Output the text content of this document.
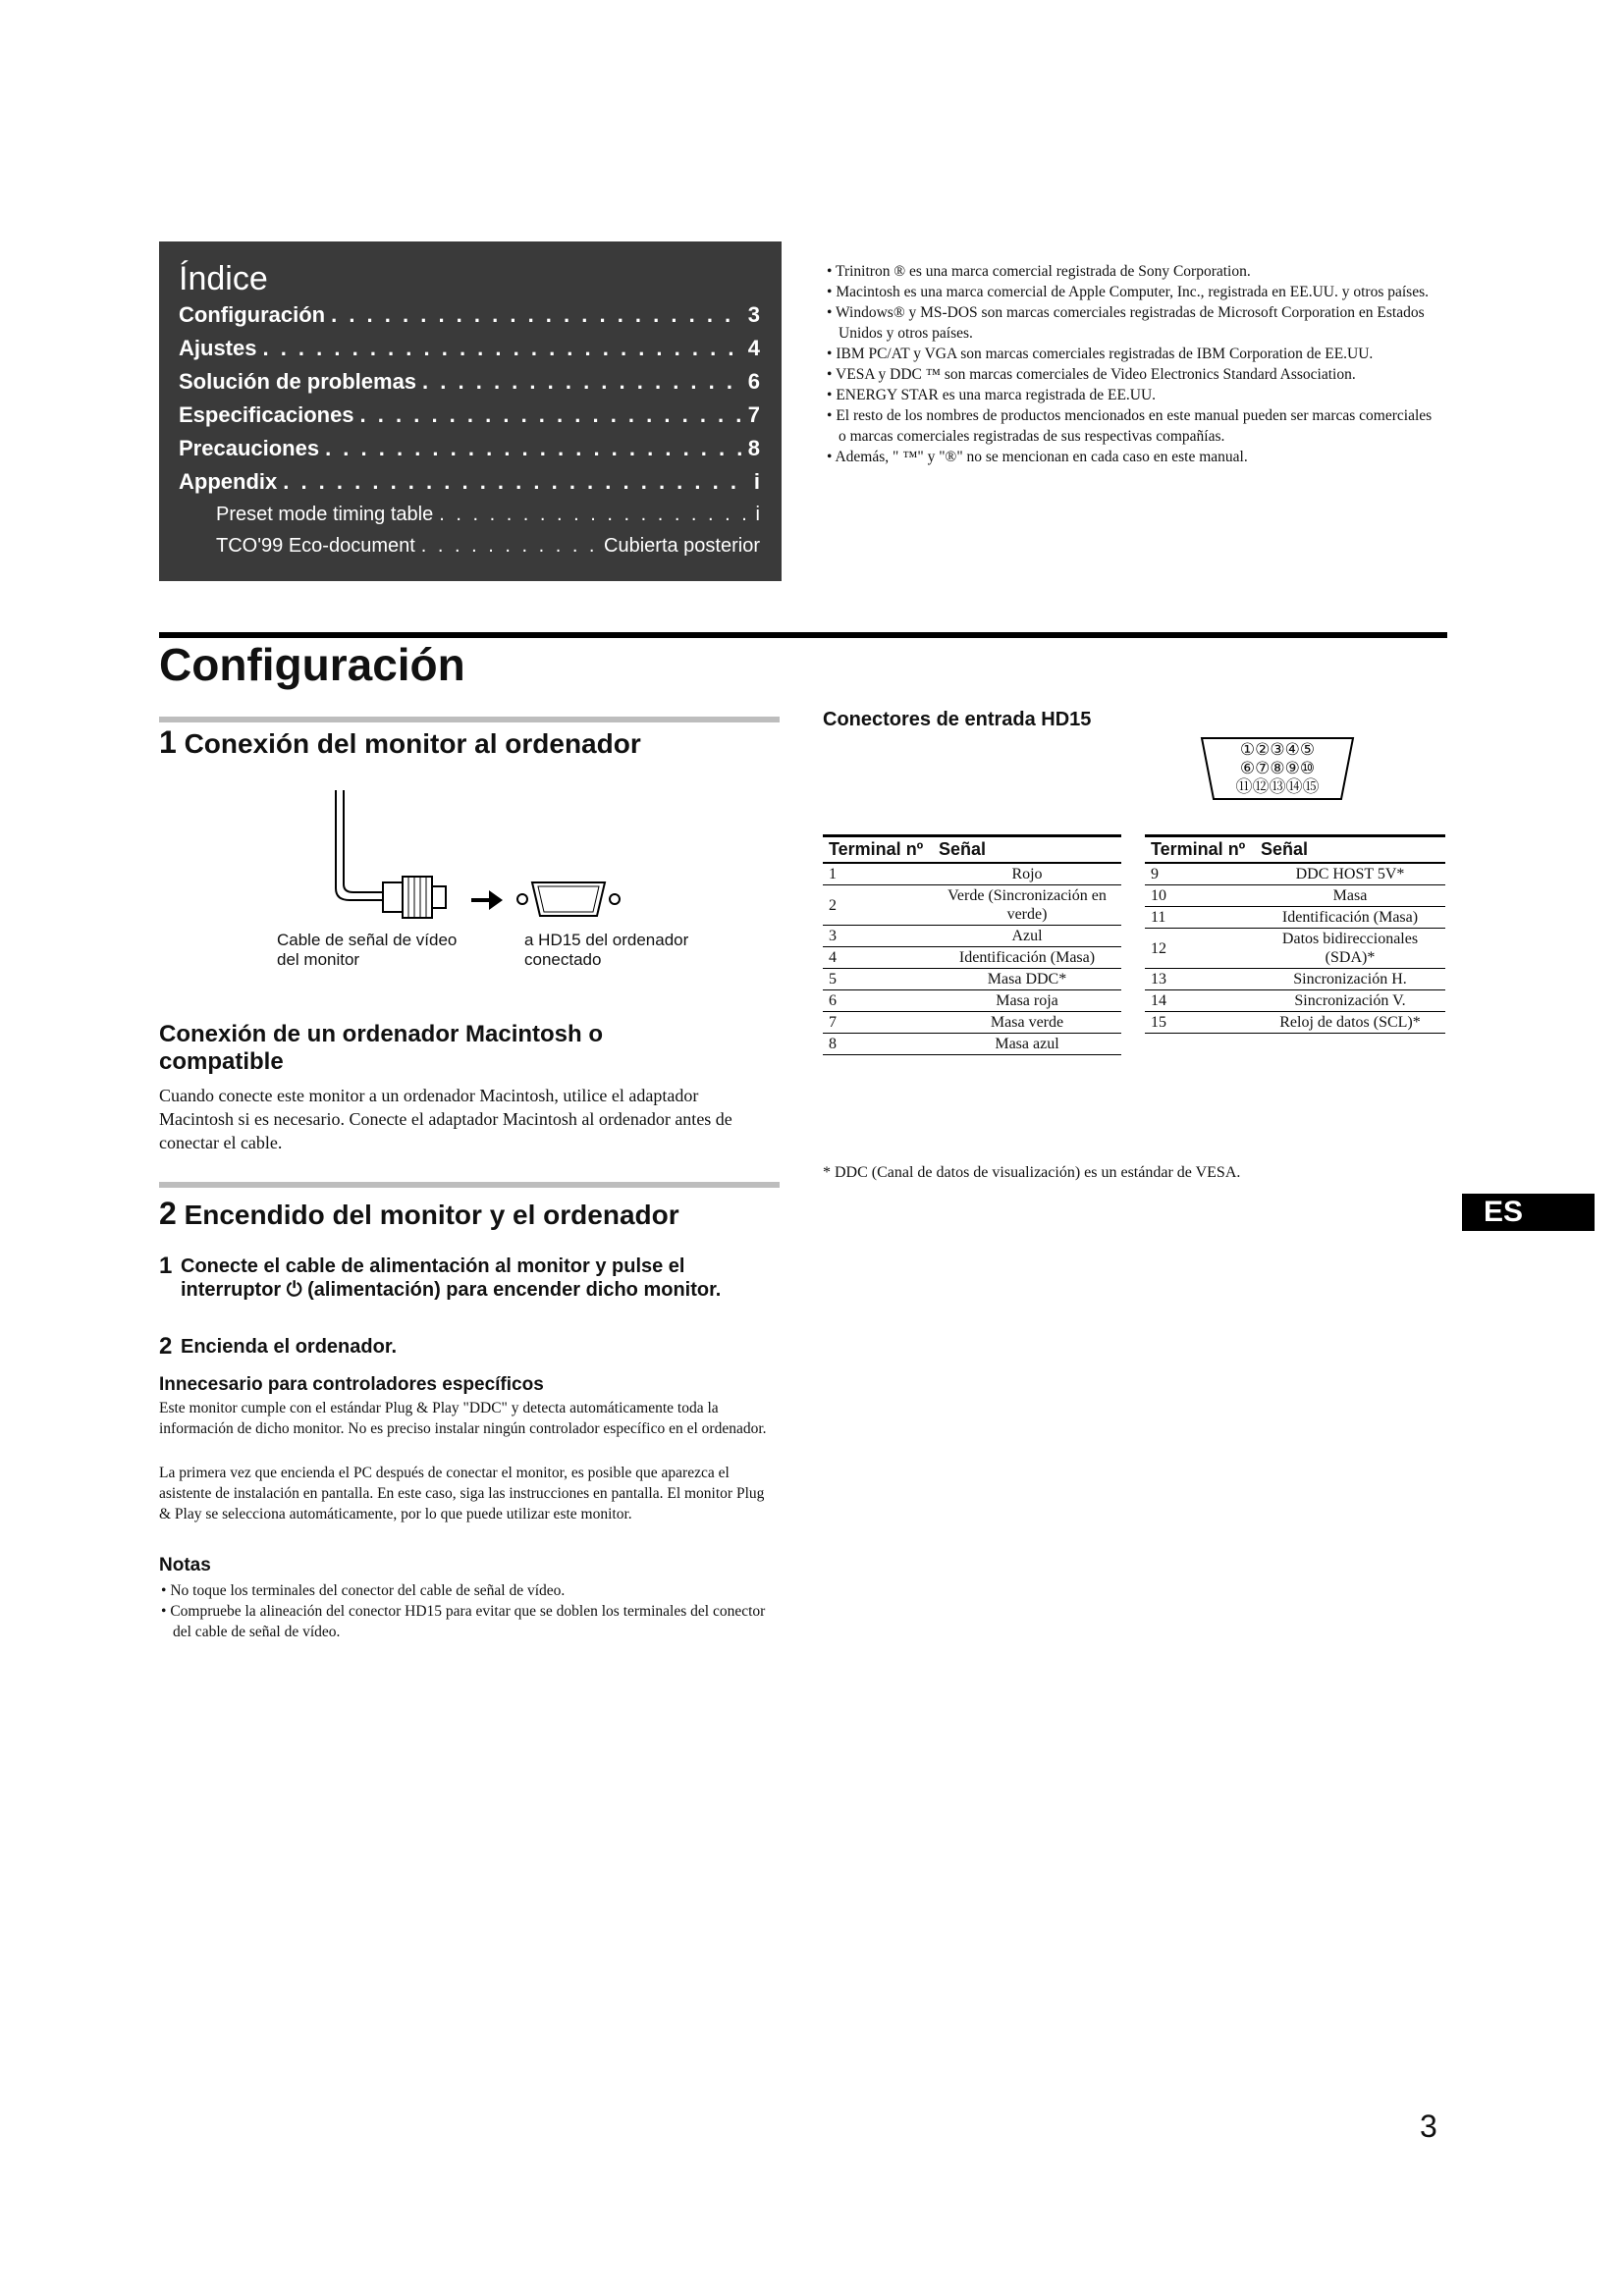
Índice
Configuración . . .	3
Ajustes . . .	4
Solución de problemas . . .	6
Especificaciones . . .	7
Precauciones . . .	8
Appendix . . .	i
Preset mode timing table . . .	i
TCO'99 Eco-document . . .	Cubierta posterior
• Trinitron ® es una marca comercial registrada de Sony Corporation.
• Macintosh es una marca comercial de Apple Computer, Inc., registrada en EE.UU. y otros países.
• Windows® y MS-DOS son marcas comerciales registradas de Microsoft Corporation en Estados Unidos y otros países.
• IBM PC/AT y VGA son marcas comerciales registradas de IBM Corporation de EE.UU.
• VESA y DDC ™ son marcas comerciales de Video Electronics Standard Association.
• ENERGY STAR es una marca registrada de EE.UU.
• El resto de los nombres de productos mencionados en este manual pueden ser marcas comerciales o marcas comerciales registradas de sus respectivas compañías.
• Además, " ™" y "®" no se mencionan en cada caso en este manual.
Configuración
1 Conexión del monitor al ordenador
Cable de señal de vídeo del monitor
a HD15 del ordenador conectado
Conexión de un ordenador Macintosh o compatible
Cuando conecte este monitor a un ordenador Macintosh, utilice el adaptador Macintosh si es necesario. Conecte el adaptador Macintosh al ordenador antes de conectar el cable.
2 Encendido del monitor y el ordenador
1 Conecte el cable de alimentación al monitor y pulse el interruptor ⏻ (alimentación) para encender dicho monitor.
2 Encienda el ordenador.
Innecesario para controladores específicos
Este monitor cumple con el estándar Plug & Play "DDC" y detecta automáticamente toda la información de dicho monitor. No es preciso instalar ningún controlador específico en el ordenador.
La primera vez que encienda el PC después de conectar el monitor, es posible que aparezca el asistente de instalación en pantalla. En este caso, siga las instrucciones en pantalla. El monitor Plug & Play se selecciona automáticamente, por lo que puede utilizar este monitor.
Notas
• No toque los terminales del conector del cable de señal de vídeo.
• Compruebe la alineación del conector HD15 para evitar que se doblen los terminales del conector del cable de señal de vídeo.
Conectores de entrada HD15
①②③④⑤
⑥⑦⑧⑨⑩
⑪⑫⑬⑭⑮
Terminal nº	Señal
1	Rojo
2	Verde (Sincronización en verde)
3	Azul
4	Identificación (Masa)
5	Masa DDC*
6	Masa roja
7	Masa verde
8	Masa azul
Terminal nº	Señal
9	DDC HOST 5V*
10	Masa
11	Identificación (Masa)
12	Datos bidireccionales (SDA)*
13	Sincronización H.
14	Sincronización V.
15	Reloj de datos (SCL)*
* DDC (Canal de datos de visualización) es un estándar de VESA.
ES
3
